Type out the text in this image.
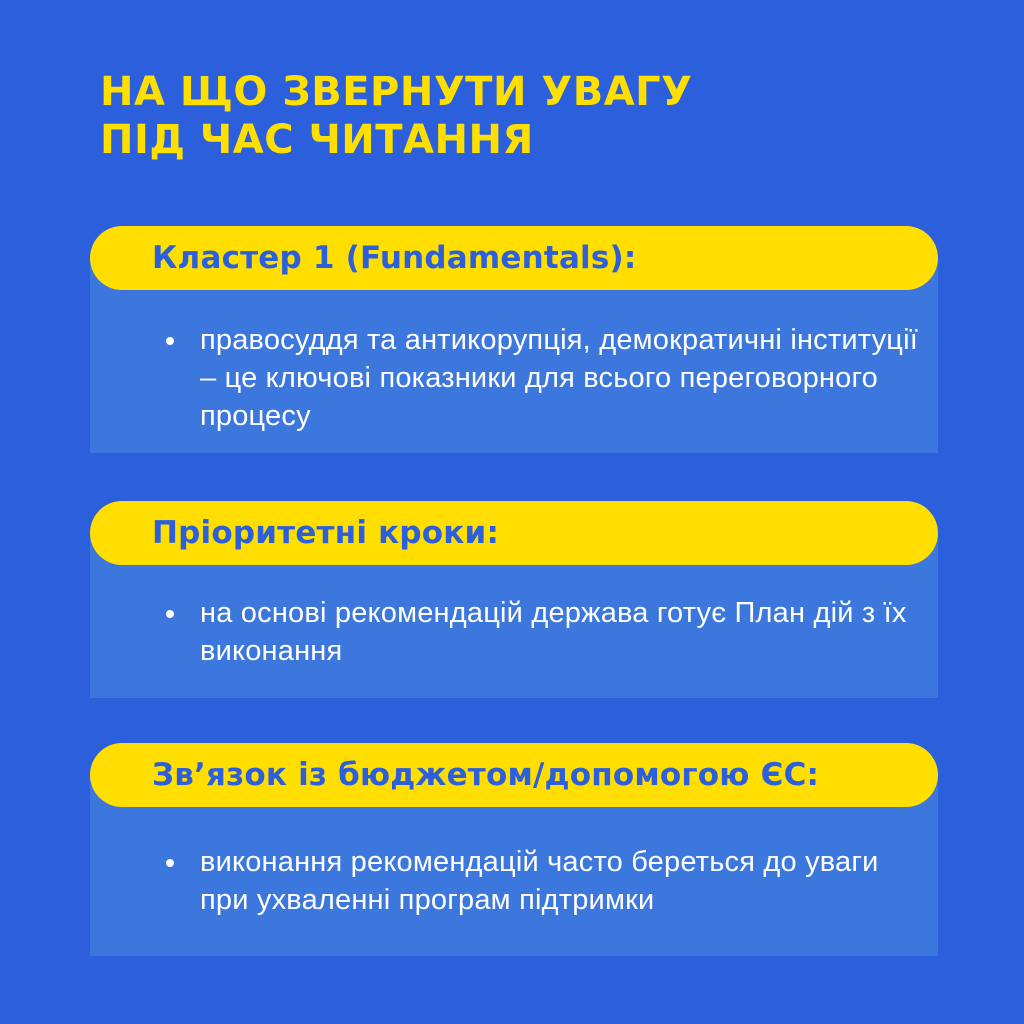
НА ЩО ЗВЕРНУТИ УВАГУ
ПІД ЧАС ЧИТАННЯ
Кластер 1 (Fundamentals):
правосуддя та антикорупція, демократичні інституції – це ключові показники для всього переговорного процесу
Пріоритетні кроки:
на основі рекомендацій держава готує План дій з їх виконання
Зв’язок із бюджетом/допомогою ЄС:
виконання рекомендацій часто береться до уваги при ухваленні програм підтримки
